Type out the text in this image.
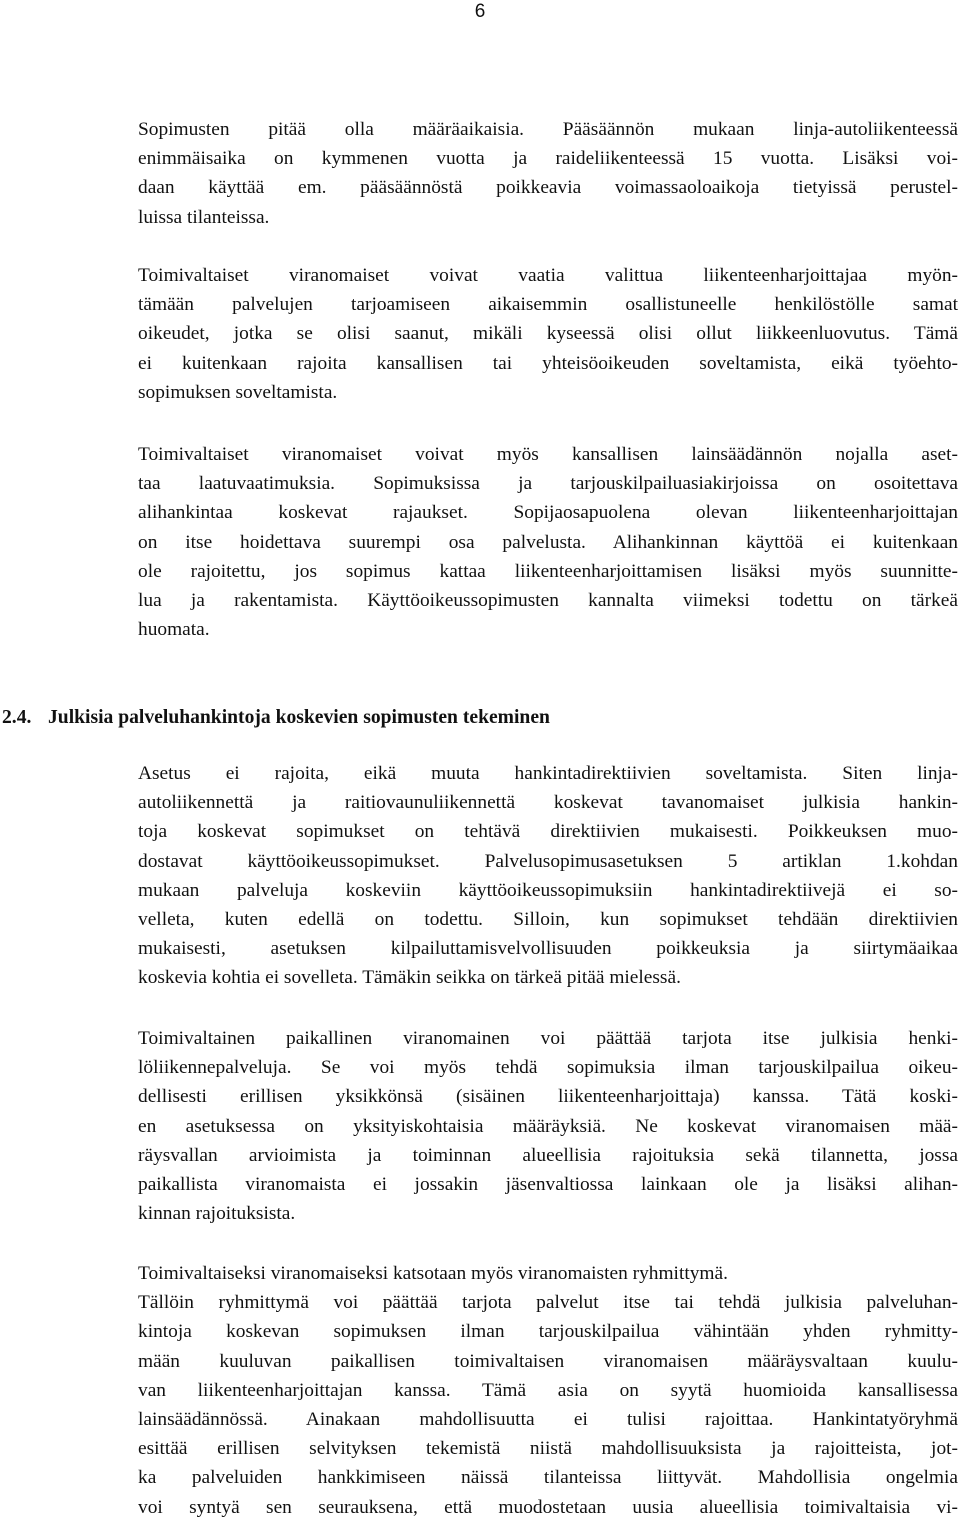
6
Sopimusten pitää olla määräaikaisia. Pääsäännön mukaan linja-autoliikenteessä
enimmäisaika on kymmenen vuotta ja raideliikenteessä 15 vuotta. Lisäksi voi-
daan käyttää em. pääsäännöstä poikkeavia voimassaoloaikoja tietyissä perustel-
luissa tilanteissa.
Toimivaltaiset viranomaiset voivat vaatia valittua liikenteenharjoittajaa myön-
tämään palvelujen tarjoamiseen aikaisemmin osallistuneelle henkilöstölle samat
oikeudet, jotka se olisi saanut, mikäli kyseessä olisi ollut liikkeenluovutus. Tämä
ei kuitenkaan rajoita kansallisen tai yhteisöoikeuden soveltamista, eikä työehto-
sopimuksen soveltamista.
Toimivaltaiset viranomaiset voivat myös kansallisen lainsäädännön nojalla aset-
taa laatuvaatimuksia. Sopimuksissa ja tarjouskilpailuasiakirjoissa on osoitettava
alihankintaa koskevat rajaukset. Sopijaosapuolena olevan liikenteenharjoittajan
on itse hoidettava suurempi osa palvelusta. Alihankinnan käyttöä ei kuitenkaan
ole rajoitettu, jos sopimus kattaa liikenteenharjoittamisen lisäksi myös suunnitte-
lua ja rakentamista. Käyttöoikeussopimusten kannalta viimeksi todettu on tärkeä
huomata.
2.4. Julkisia palveluhankintoja koskevien sopimusten tekeminen
Asetus ei rajoita, eikä muuta hankintadirektiivien soveltamista. Siten linja-
autoliikennettä ja raitiovaunuliikennettä koskevat tavanomaiset julkisia hankin-
toja koskevat sopimukset on tehtävä direktiivien mukaisesti. Poikkeuksen muo-
dostavat käyttöoikeussopimukset. Palvelusopimusasetuksen 5 artiklan 1.kohdan
mukaan palveluja koskeviin käyttöoikeussopimuksiin hankintadirektiivejä ei so-
velleta, kuten edellä on todettu. Silloin, kun sopimukset tehdään direktiivien
mukaisesti, asetuksen kilpailuttamisvelvollisuuden poikkeuksia ja siirtymäaikaa
koskevia kohtia ei sovelleta. Tämäkin seikka on tärkeä pitää mielessä.
Toimivaltainen paikallinen viranomainen voi päättää tarjota itse julkisia henki-
löliikennepalveluja. Se voi myös tehdä sopimuksia ilman tarjouskilpailua oikeu-
dellisesti erillisen yksikkönsä (sisäinen liikenteenharjoittaja) kanssa. Tätä koski-
en asetuksessa on yksityiskohtaisia määräyksiä. Ne koskevat viranomaisen mää-
räysvallan arvioimista ja toiminnan alueellisia rajoituksia sekä tilannetta, jossa
paikallista viranomaista ei jossakin jäsenvaltiossa lainkaan ole ja lisäksi alihan-
kinnan rajoituksista.
Toimivaltaiseksi viranomaiseksi katsotaan myös viranomaisten ryhmittymä.
Tällöin ryhmittymä voi päättää tarjota palvelut itse tai tehdä julkisia palveluhan-
kintoja koskevan sopimuksen ilman tarjouskilpailua vähintään yhden ryhmitty-
mään kuuluvan paikallisen toimivaltaisen viranomaisen määräysvaltaan kuulu-
van liikenteenharjoittajan kanssa. Tämä asia on syytä huomioida kansallisessa
lainsäädännössä. Ainakaan mahdollisuutta ei tulisi rajoittaa. Hankintatyöryhmä
esittää erillisen selvityksen tekemistä niistä mahdollisuuksista ja rajoitteista, jot-
ka palveluiden hankkimiseen näissä tilanteissa liittyvät. Mahdollisia ongelmia
voi syntyä sen seurauksena, että muodostetaan uusia alueellisia toimivaltaisia vi-
